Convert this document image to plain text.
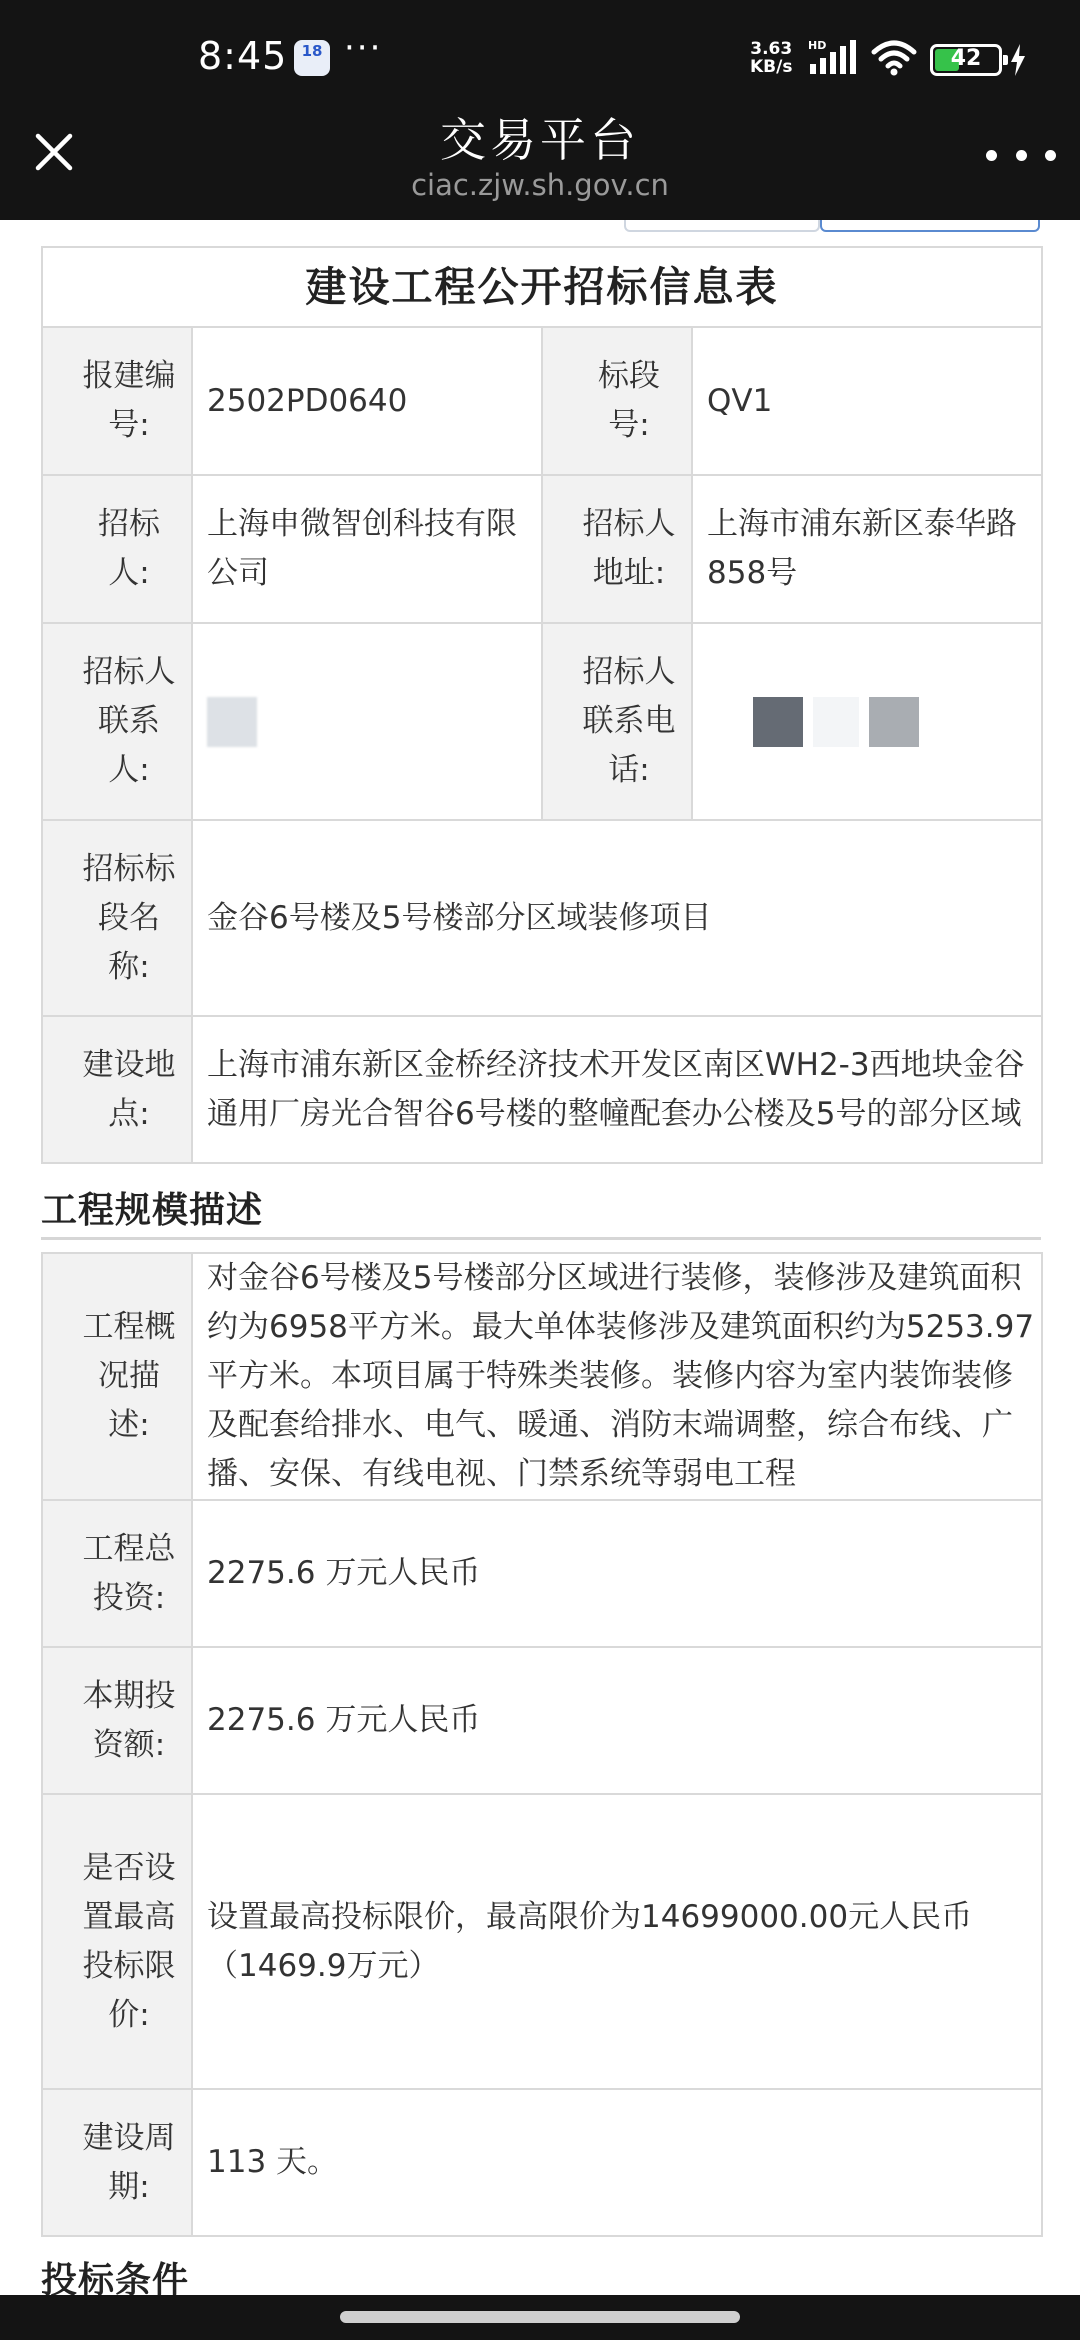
8:45 18 ···	3.63
KB/s
HD
42
交易平台
ciac.zjw.sh.gov.cn
建设工程公开招标信息表			
报建编号:	2502PD0640	标段号:	QV1
招标人:	上海申微智创科技有限公司	招标人地址:	上海市浦东新区泰华路858号
招标人联系人:		招标人联系电话:	
招标标段名称:	金谷6号楼及5号楼部分区域装修项目		
建设地点:	上海市浦东新区金桥经济技术开发区南区WH2-3西地块金谷通用厂房光合智谷6号楼的整幢配套办公楼及5号的部分区域		
工程规模描述
工程概况描述:	对金谷6号楼及5号楼部分区域进行装修，装修涉及建筑面积约为6958平方米。最大单体装修涉及建筑面积约为5253.97平方米。本项目属于特殊类装修。装修内容为室内装饰装修及配套给排水、电气、暖通、消防末端调整，综合布线、广播、安保、有线电视、门禁系统等弱电工程
工程总投资:	2275.6 万元人民币
本期投资额:	2275.6 万元人民币
是否设置最高投标限价:	设置最高投标限价，最高限价为14699000.00元人民币（1469.9万元）
建设周期:	113 天。
投标条件
